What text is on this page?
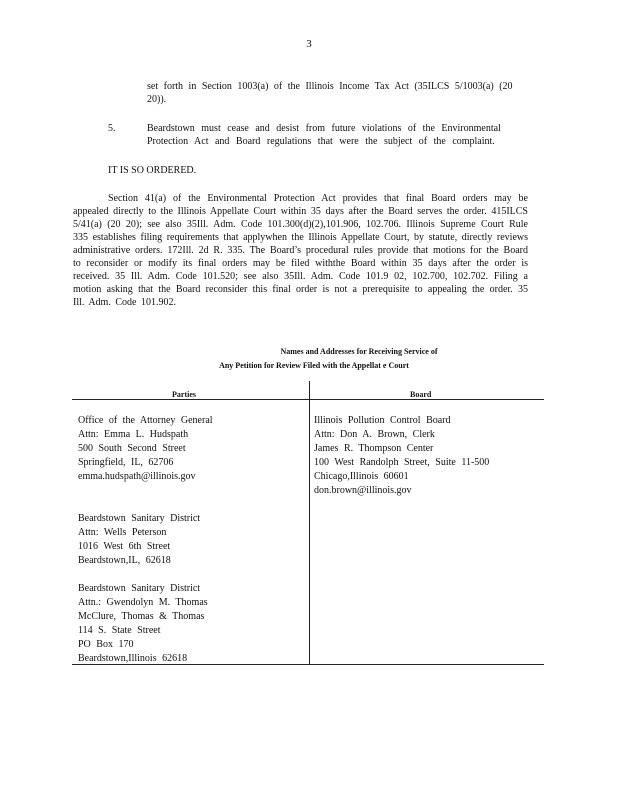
3
set forth in Section 1003(a) of the Illinois Income Tax Act (35ILCS 5/1003(a) (20 20)).
5.	Beardstown must cease and desist from future violations of the Environmental Protection Act and Board regulations that were the subject of the complaint.
IT IS SO ORDERED.

Section 41(a) of the Environmental Protection Act provides that final Board orders may be appealed directly to the Illinois Appellate Court within 35 days after the Board serves the order. 415ILCS 5/41(a) (20 20); see also 35Ill. Adm. Code 101.300(d)(2),101.906, 102.706. Illinois Supreme Court Rule 335 establishes filing requirements that applywhen the Illinois Appellate Court, by statute, directly reviews administrative orders. 172Ill. 2d R. 335. The Board’s procedural rules provide that motions for the Board to reconsider or modify its final orders may be filed withthe Board within 35 days after the order is received. 35 Ill. Adm. Code 101.520; see also 35Ill. Adm. Code 101.9 02, 102.700, 102.702. Filing a motion asking that the Board reconsider this final order is not a prerequisite to appealing the order. 35 Ill. Adm. Code 101.902.

Names and Addresses for Receiving Service of
Any Petition for Review Filed with the Appellat e Court
Parties	Board
Office of the Attorney General
Attn: Emma L. Hudspath
500 South Second Street
Springfield, IL, 62706
emma.hudspath@illinois.gov
Beardstown Sanitary District
Attn: Wells Peterson
1016 West 6th Street
Beardstown,IL, 62618
Beardstown Sanitary District
Attn.: Gwendolyn M. Thomas
McClure, Thomas & Thomas
114 S. State Street
PO Box 170
Beardstown,Illinois 62618
Illinois Pollution Control Board
Attn: Don A. Brown, Clerk
James R. Thompson Center
100 West Randolph Street, Suite 11-500
Chicago,Illinois 60601
don.brown@illinois.gov
